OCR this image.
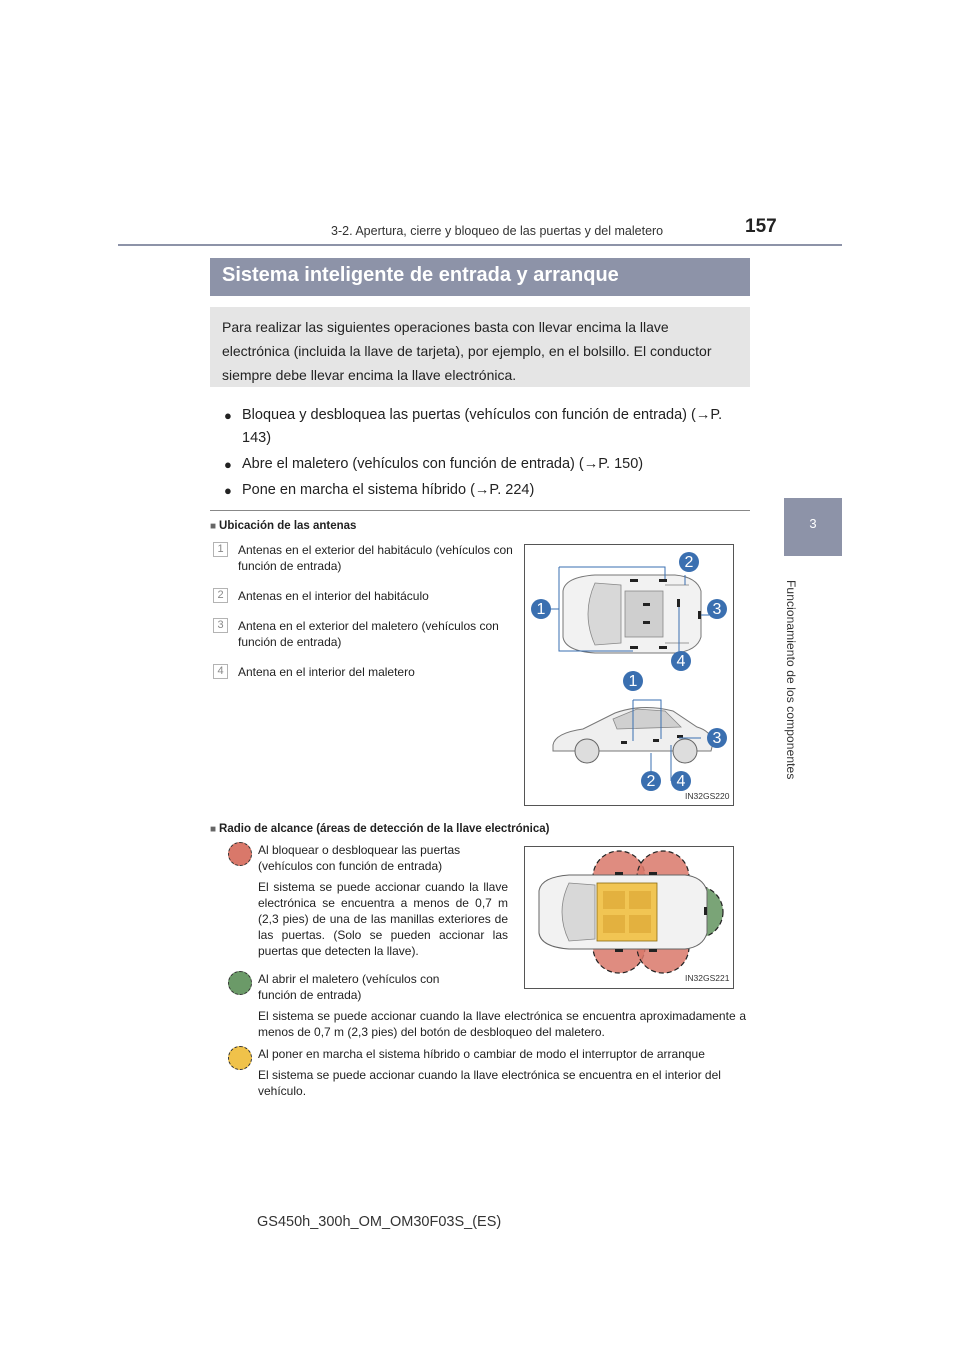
3-2. Apertura, cierre y bloqueo de las puertas y del maletero	157
3
Funcionamiento de los componentes
Sistema inteligente de entrada y arranque

Para realizar las siguientes operaciones basta con llevar encima la llave electrónica (incluida la llave de tarjeta), por ejemplo, en el bolsillo. El conductor siempre debe llevar encima la llave electrónica.

● Bloquea y desbloquea las puertas (vehículos con función de entrada) (→P. 143)
● Abre el maletero (vehículos con función de entrada) (→P. 150)
● Pone en marcha el sistema híbrido (→P. 224)
■ Ubicación de las antenas
1	Antenas en el exterior del habitáculo (vehículos con función de entrada)
2	Antenas en el interior del habitáculo
3	Antena en el exterior del maletero (vehículos con función de entrada)
4	Antena en el interior del maletero
2
1	3
4
1
3
2 4
IN32GS220
■ Radio de alcance (áreas de detección de la llave electrónica)
IN32GS221

Al bloquear o desbloquear las puertas (vehículos con función de entrada)

El sistema se puede accionar cuando la llave electrónica se encuentra a menos de 0,7 m (2,3 pies) de una de las manillas exteriores de las puertas. (Solo se pueden accionar las puertas que detecten la llave).

Al abrir el maletero (vehículos con función de entrada)

El sistema se puede accionar cuando la llave electrónica se encuentra aproximadamente a menos de 0,7 m (2,3 pies) del botón de desbloqueo del maletero.

Al poner en marcha el sistema híbrido o cambiar de modo el interruptor de arranque

El sistema se puede accionar cuando la llave electrónica se encuentra en el interior del vehículo.

GS450h_300h_OM_OM30F03S_(ES)
